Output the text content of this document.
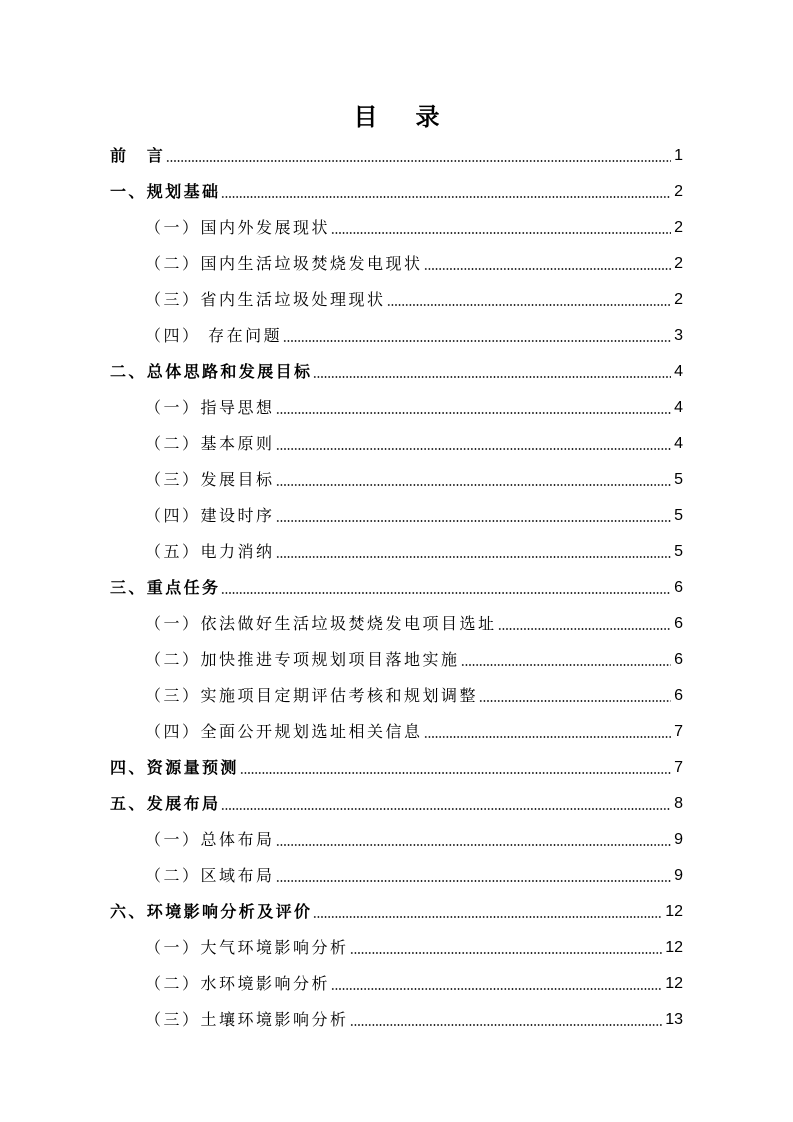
目　录
前　言	1
一、规划基础	2
（一）国内外发展现状	2
（二）国内生活垃圾焚烧发电现状	2
（三）省内生活垃圾处理现状	2
（四） 存在问题	3
二、总体思路和发展目标	4
（一）指导思想	4
（二）基本原则	4
（三）发展目标	5
（四）建设时序	5
（五）电力消纳	5
三、重点任务	6
（一）依法做好生活垃圾焚烧发电项目选址	6
（二）加快推进专项规划项目落地实施	6
（三）实施项目定期评估考核和规划调整	6
（四）全面公开规划选址相关信息	7
四、资源量预测	7
五、发展布局	8
（一）总体布局	9
（二）区域布局	9
六、环境影响分析及评价	12
（一）大气环境影响分析	12
（二）水环境影响分析	12
（三）土壤环境影响分析	13
